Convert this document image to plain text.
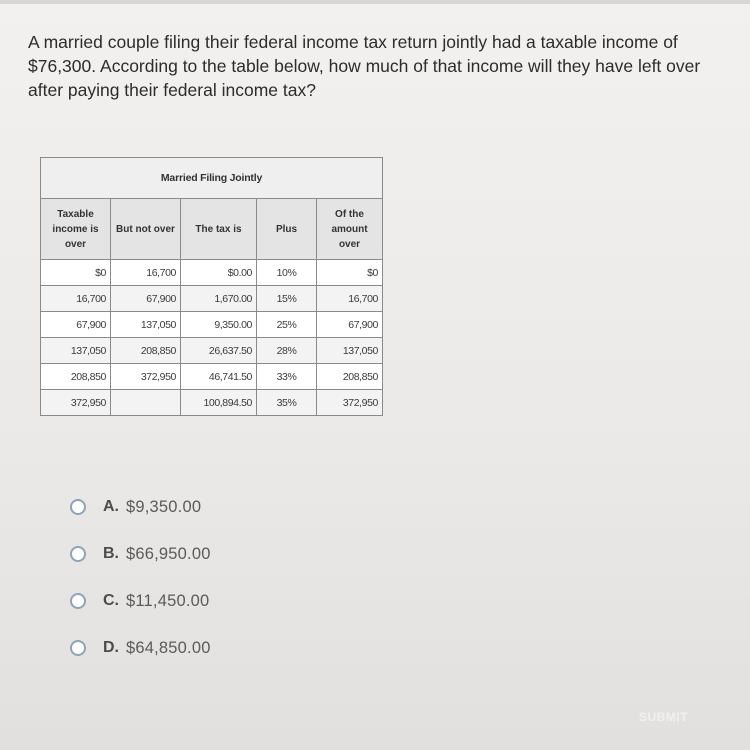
A married couple filing their federal income tax return jointly had a taxable income of $76,300. According to the table below, how much of that income will they have left over after paying their federal income tax?

Married Filing Jointly				
Taxable income is over	But not over	The tax is	Plus	Of the amount over
$0	16,700	$0.00	10%	$0
16,700	67,900	1,670.00	15%	16,700
67,900	137,050	9,350.00	25%	67,900
137,050	208,850	26,637.50	28%	137,050
208,850	372,950	46,741.50	33%	208,850
372,950		100,894.50	35%	372,950
A. $9,350.00
B. $66,950.00
C. $11,450.00
D. $64,850.00
SUBMIT
